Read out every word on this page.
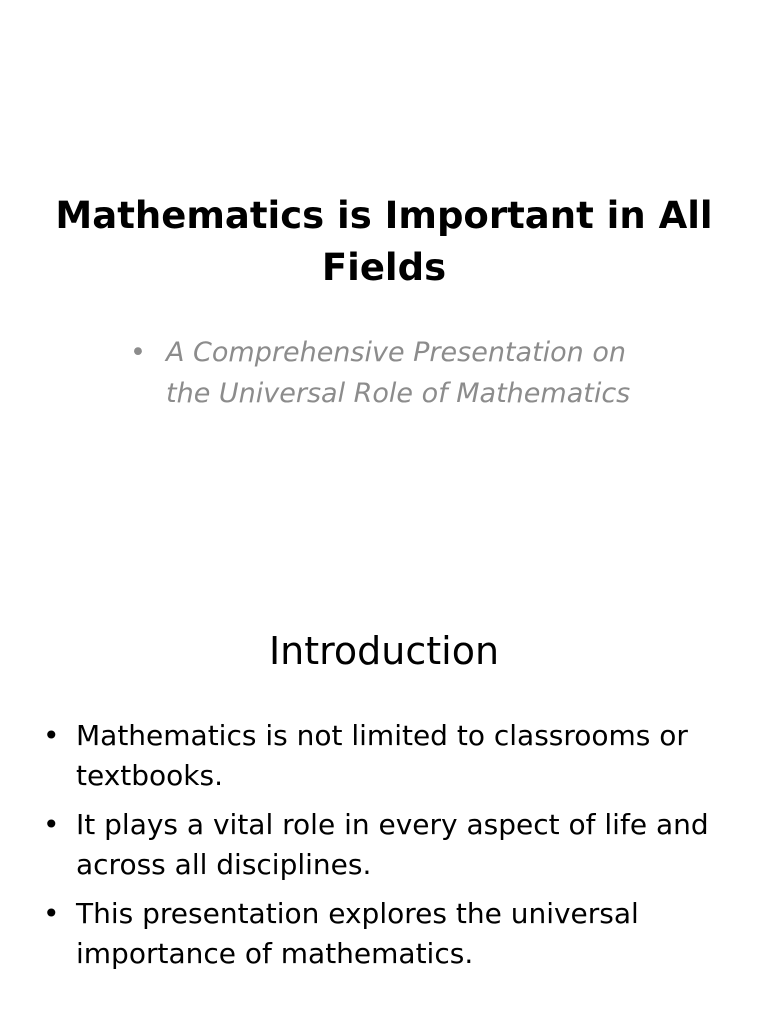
Mathematics is Important in All Fields
• A Comprehensive Presentation on the Universal Role of Mathematics
Introduction
• Mathematics is not limited to classrooms or textbooks.
• It plays a vital role in every aspect of life and across all disciplines.
• This presentation explores the universal importance of mathematics.
